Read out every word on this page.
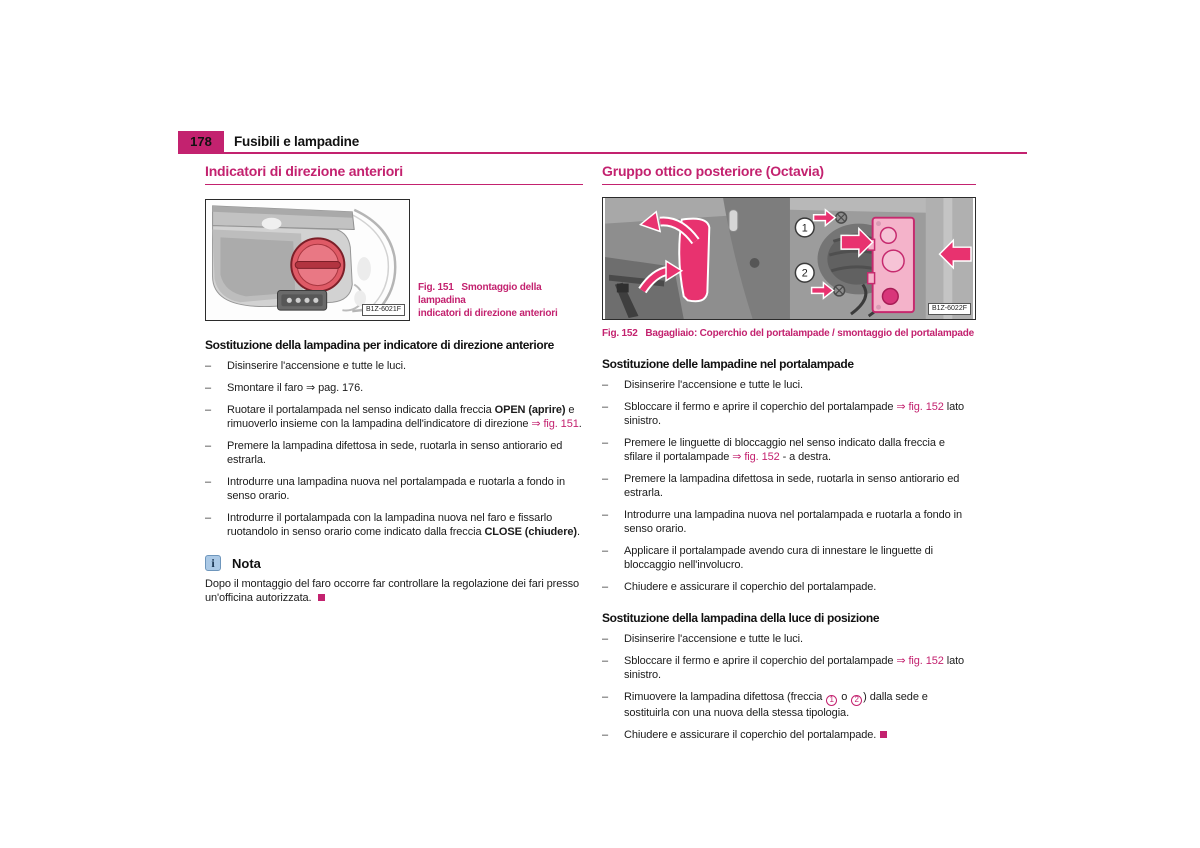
178	Fusibili e lampadine
Indicatori di direzione anteriori
B1Z-6021F
Fig. 151   Smontaggio della lampadina
indicatori di direzione anteriori
Sostituzione della lampadina per indicatore di direzione anteriore
–	Disinserire l'accensione e tutte le luci.
–	Smontare il faro ⇒ pag. 176.
–	Ruotare il portalampada nel senso indicato dalla freccia OPEN (aprire) e rimuoverlo insieme con la lampadina dell'indicatore di direzione ⇒ fig. 151.
–	Premere la lampadina difettosa in sede, ruotarla in senso antiorario ed estrarla.
–	Introdurre una lampadina nuova nel portalampada e ruotarla a fondo in senso orario.
–	Introdurre il portalampada con la lampadina nuova nel faro e fissarlo ruotandolo in senso orario come indicato dalla freccia CLOSE (chiudere).
i	Nota
Dopo il montaggio del faro occorre far controllare la regolazione dei fari presso un'officina autorizzata.
Gruppo ottico posteriore (Octavia)
1
2
B1Z-6022F
Fig. 152   Bagagliaio: Coperchio del portalampade / smontaggio del portalampade
Sostituzione delle lampadine nel portalampade
–	Disinserire l'accensione e tutte le luci.
–	Sbloccare il fermo e aprire il coperchio del portalampade ⇒ fig. 152 lato sinistro.
–	Premere le linguette di bloccaggio nel senso indicato dalla freccia e sfilare il portalampade ⇒ fig. 152 - a destra.
–	Premere la lampadina difettosa in sede, ruotarla in senso antiorario ed estrarla.
–	Introdurre una lampadina nuova nel portalampada e ruotarla a fondo in senso orario.
–	Applicare il portalampade avendo cura di innestare le linguette di bloccaggio nell'involucro.
–	Chiudere e assicurare il coperchio del portalampade.
Sostituzione della lampadina della luce di posizione
–	Disinserire l'accensione e tutte le luci.
–	Sbloccare il fermo e aprire il coperchio del portalampade ⇒ fig. 152 lato sinistro.
–	Rimuovere la lampadina difettosa (freccia 1 o 2 ) dalla sede e sostituirla con una nuova della stessa tipologia.
–	Chiudere e assicurare il coperchio del portalampade.
